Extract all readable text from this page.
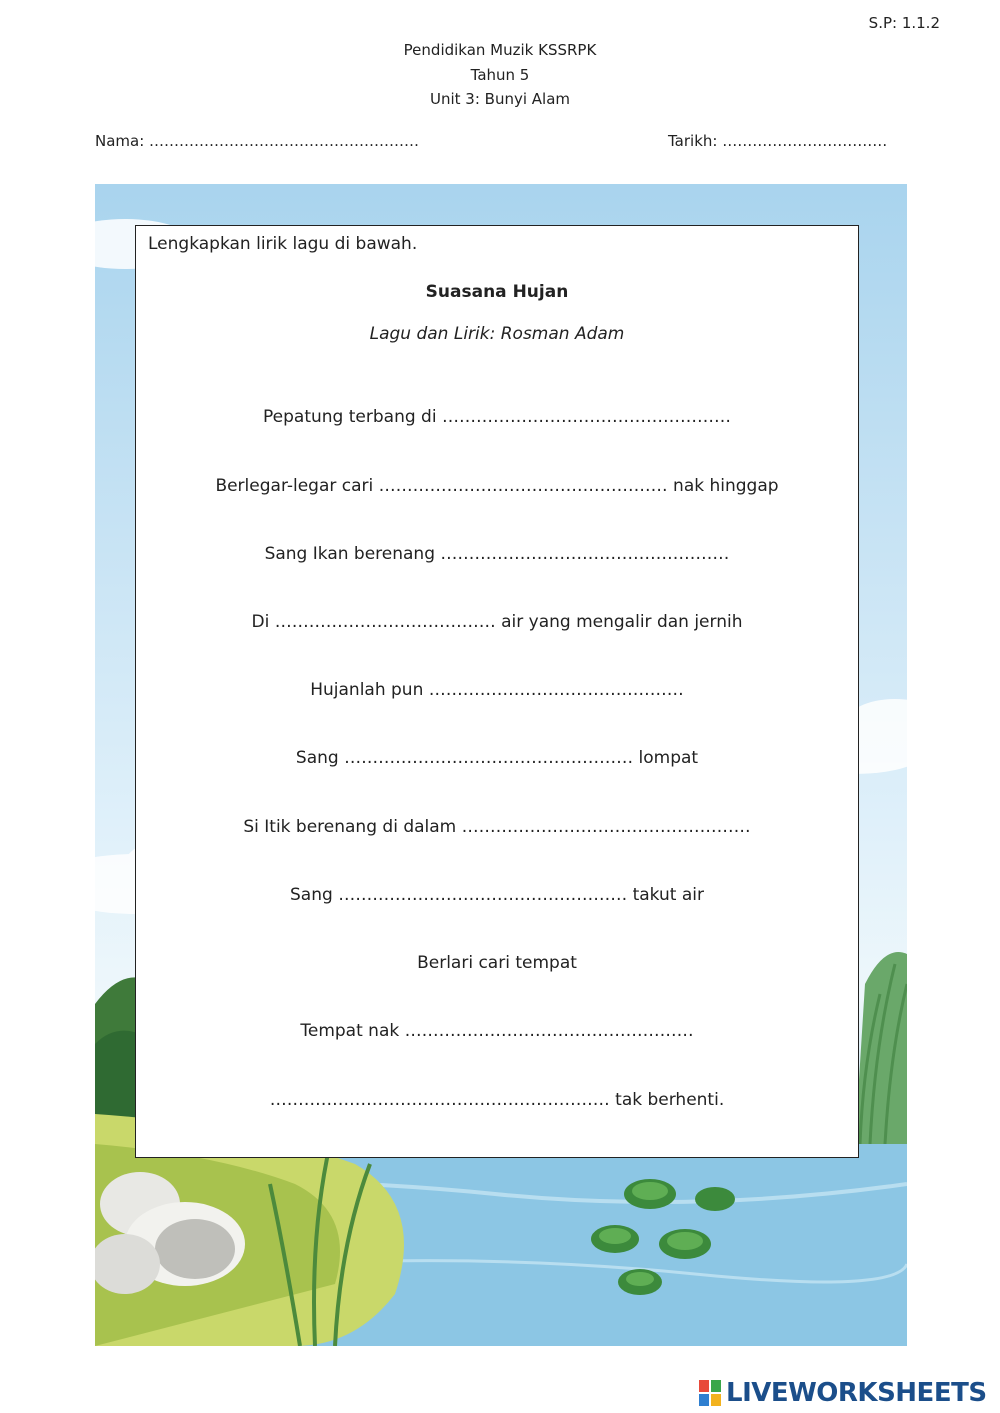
S.P: 1.1.2
Pendidikan Muzik KSSRPK
Tahun 5
Unit 3: Bunyi Alam
Nama: ………………………………………………	Tarikh: ……………………………
Lengkapkan lirik lagu di bawah.
Suasana Hujan
Lagu dan Lirik: Rosman Adam
Pepatung terbang di ……………………………………………
Berlegar-legar cari …………………………………………… nak hinggap
Sang Ikan berenang ……………………………………………
Di ………………………………… air yang mengalir dan jernih
Hujanlah pun ………………………………………
Sang …………………………………………… lompat
Si Itik berenang di dalam ……………………………………………
Sang …………………………………………… takut air
Berlari cari tempat
Tempat nak ……………………………………………
…………………………………………………… tak berhenti.
LIVEWORKSHEETS
